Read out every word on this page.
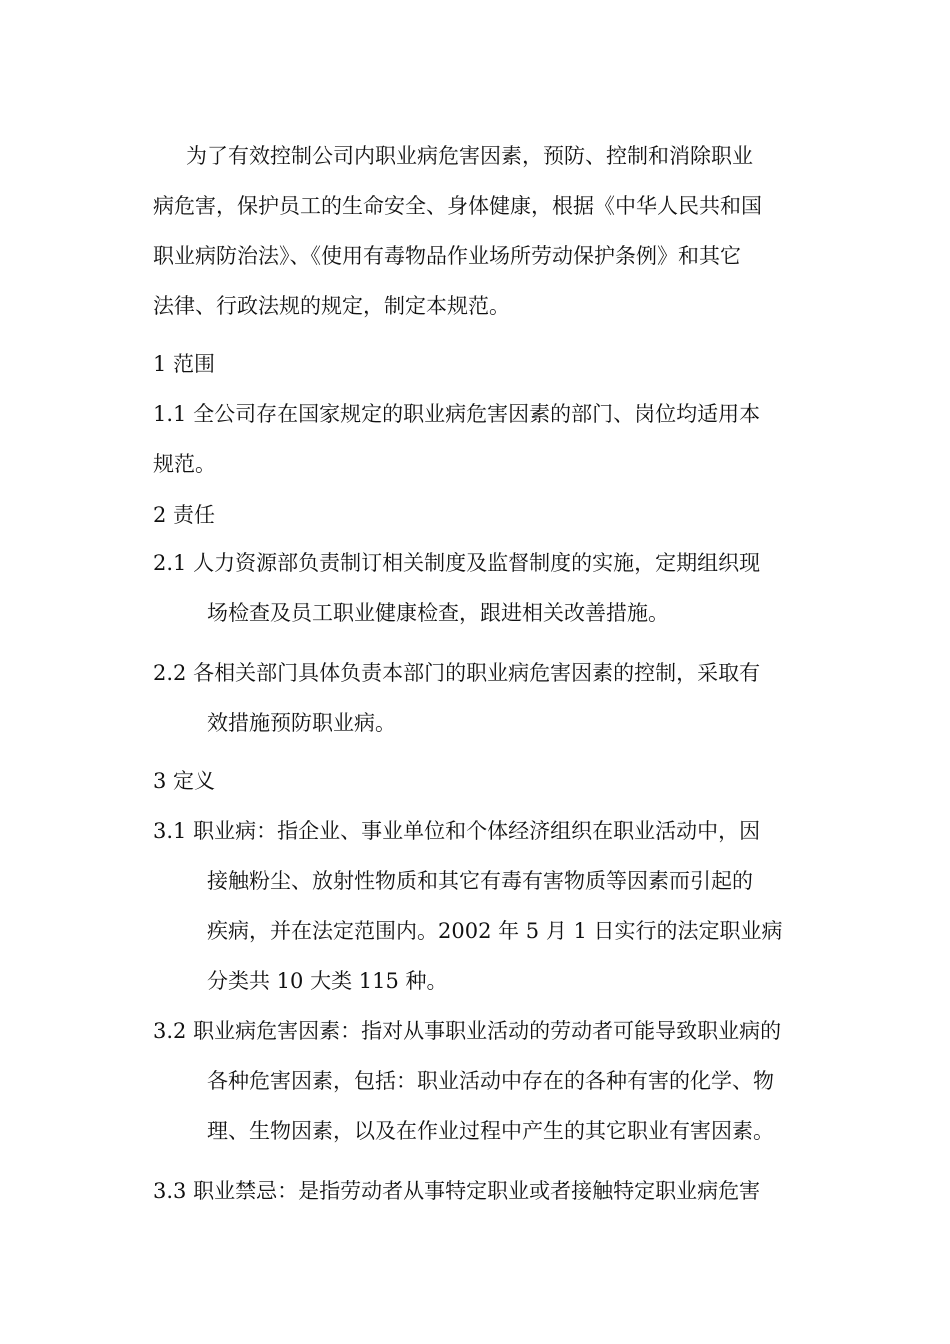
为了有效控制公司内职业病危害因素，预防、控制和消除职业
病危害，保护员工的生命安全、身体健康，根据《中华人民共和国
职业病防治法》、《使用有毒物品作业场所劳动保护条例》和其它
法律、行政法规的规定，制定本规范。
1 范围
1.1 全公司存在国家规定的职业病危害因素的部门、岗位均适用本
规范。
2 责任
2.1 人力资源部负责制订相关制度及监督制度的实施，定期组织现
场检查及员工职业健康检查，跟进相关改善措施。
2.2 各相关部门具体负责本部门的职业病危害因素的控制，采取有
效措施预防职业病。
3 定义
3.1 职业病：指企业、事业单位和个体经济组织在职业活动中，因
接触粉尘、放射性物质和其它有毒有害物质等因素而引起的
疾病，并在法定范围内。2002 年 5 月 1 日实行的法定职业病
分类共 10 大类 115 种。
3.2 职业病危害因素：指对从事职业活动的劳动者可能导致职业病的
各种危害因素，包括：职业活动中存在的各种有害的化学、物
理、生物因素，以及在作业过程中产生的其它职业有害因素。
3.3 职业禁忌：是指劳动者从事特定职业或者接触特定职业病危害
